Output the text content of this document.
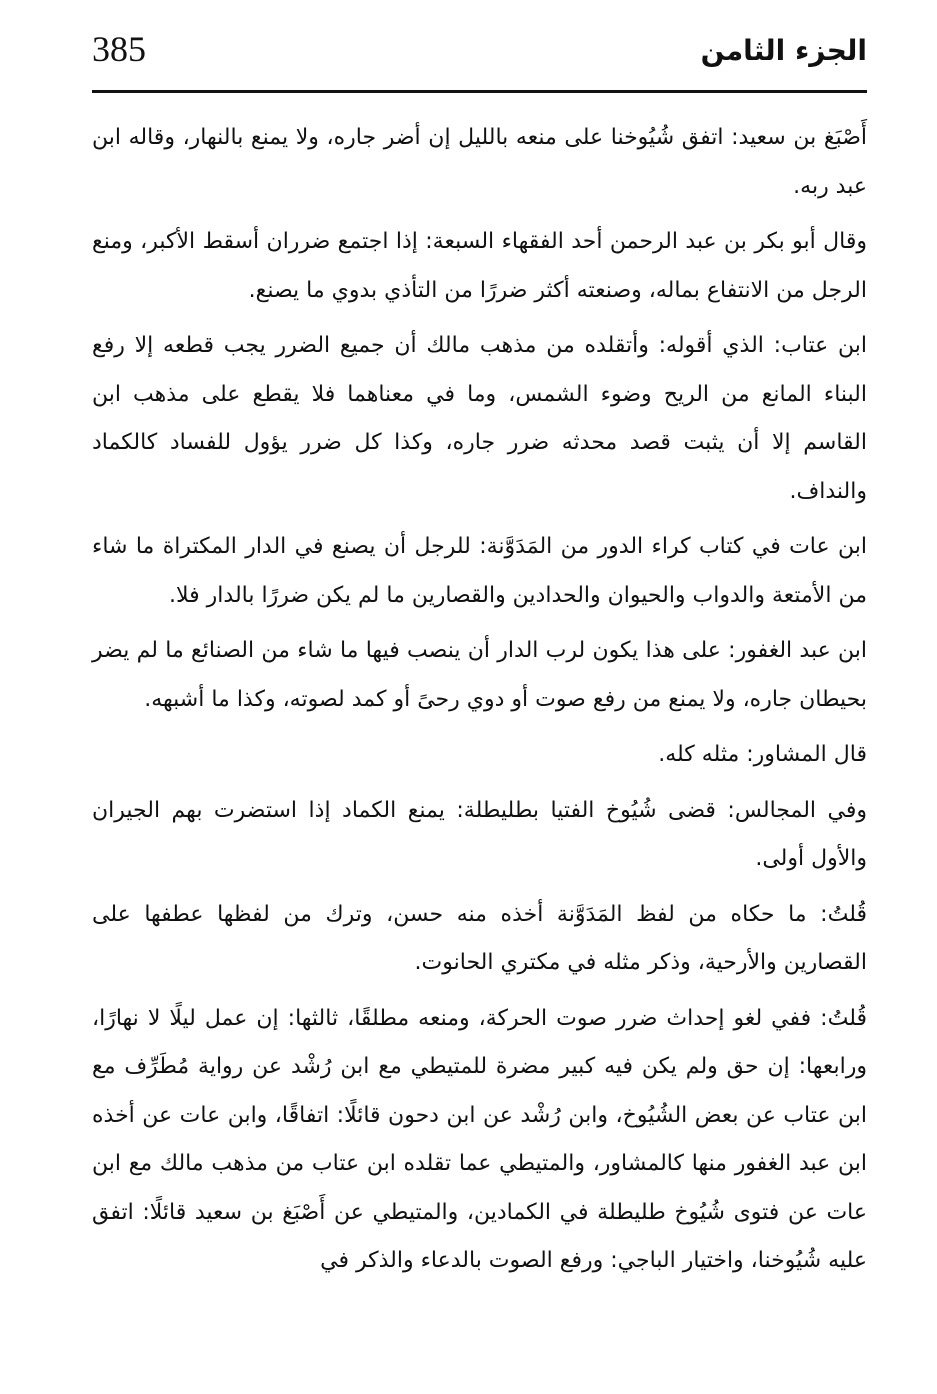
الجزء الثامن
385

أَصْبَغ بن سعيد: اتفق شُيُوخنا على منعه بالليل إن أضر جاره، ولا يمنع بالنهار، وقاله ابن عبد ربه.

وقال أبو بكر بن عبد الرحمن أحد الفقهاء السبعة: إذا اجتمع ضرران أسقط الأكبر، ومنع الرجل من الانتفاع بماله، وصنعته أكثر ضررًا من التأذي بدوي ما يصنع.

ابن عتاب: الذي أقوله: وأتقلده من مذهب مالك أن جميع الضرر يجب قطعه إلا رفع البناء المانع من الريح وضوء الشمس، وما في معناهما فلا يقطع على مذهب ابن القاسم إلا أن يثبت قصد محدثه ضرر جاره، وكذا كل ضرر يؤول للفساد كالكماد والنداف.

ابن عات في كتاب كراء الدور من المَدَوَّنة: للرجل أن يصنع في الدار المكتراة ما شاء من الأمتعة والدواب والحيوان والحدادين والقصارين ما لم يكن ضررًا بالدار فلا.

ابن عبد الغفور: على هذا يكون لرب الدار أن ينصب فيها ما شاء من الصنائع ما لم يضر بحيطان جاره، ولا يمنع من رفع صوت أو دوي رحىً أو كمد لصوته، وكذا ما أشبهه.

قال المشاور: مثله كله.

وفي المجالس: قضى شُيُوخ الفتيا بطليطلة: يمنع الكماد إذا استضرت بهم الجيران والأول أولى.

قُلتُ: ما حكاه من لفظ المَدَوَّنة أخذه منه حسن، وترك من لفظها عطفها على القصارين والأرحية، وذكر مثله في مكتري الحانوت.

قُلتُ: ففي لغو إحداث ضرر صوت الحركة، ومنعه مطلقًا، ثالثها: إن عمل ليلًا لا نهارًا، ورابعها: إن حق ولم يكن فيه كبير مضرة للمتيطي مع ابن رُشْد عن رواية مُطَرِّف مع ابن عتاب عن بعض الشُيُوخ، وابن رُشْد عن ابن دحون قائلًا: اتفاقًا، وابن عات عن أخذه ابن عبد الغفور منها كالمشاور، والمتيطي عما تقلده ابن عتاب من مذهب مالك مع ابن عات عن فتوى شُيُوخ طليطلة في الكمادين، والمتيطي عن أَصْبَغ بن سعيد قائلًا: اتفق عليه شُيُوخنا، واختيار الباجي: ورفع الصوت بالدعاء والذكر في
